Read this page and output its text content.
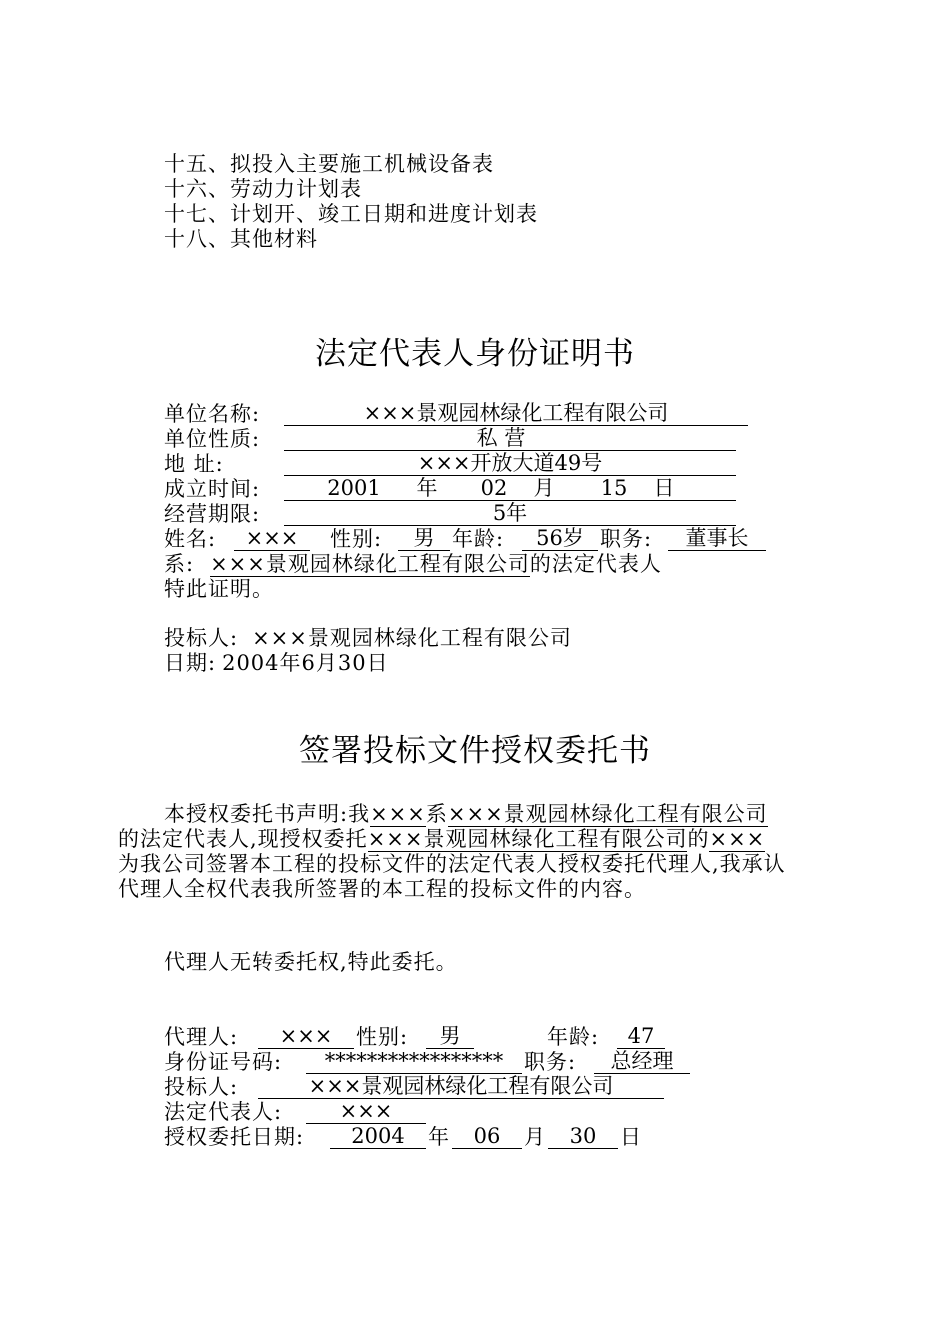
十五、拟投入主要施工机械设备表
十六、劳动力计划表
十七、计划开、竣工日期和进度计划表
十八、其他材料
法定代表人身份证明书
单位名称:	×××景观园林绿化工程有限公司
单位性质:	私 营
地 址:	×××开放大道49号
成立时间:	2001 年	02	月	15	日
经营期限:	5年
姓名:	×××	性别:	男 年龄:	56岁 职务:	董事长
系: ×××景观园林绿化工程有限公司的法定代表人
特此证明。
投标人: ×××景观园林绿化工程有限公司
日期: 2004年6月30日
签署投标文件授权委托书
本授权委托书声明:我×××系×××景观园林绿化工程有限公司
的法定代表人,现授权委托×××景观园林绿化工程有限公司的×××
为我公司签署本工程的投标文件的法定代表人授权委托代理人,我承认
代理人全权代表我所签署的本工程的投标文件的内容。
代理人无转委托权,特此委托。
代理人:	×××	性别:	男	年龄:	47
身份证号码:	***************** 职务:	总经理
投标人:	×××景观园林绿化工程有限公司
法定代表人:	×××
授权委托日期:	2004	年	06	月	30	日
